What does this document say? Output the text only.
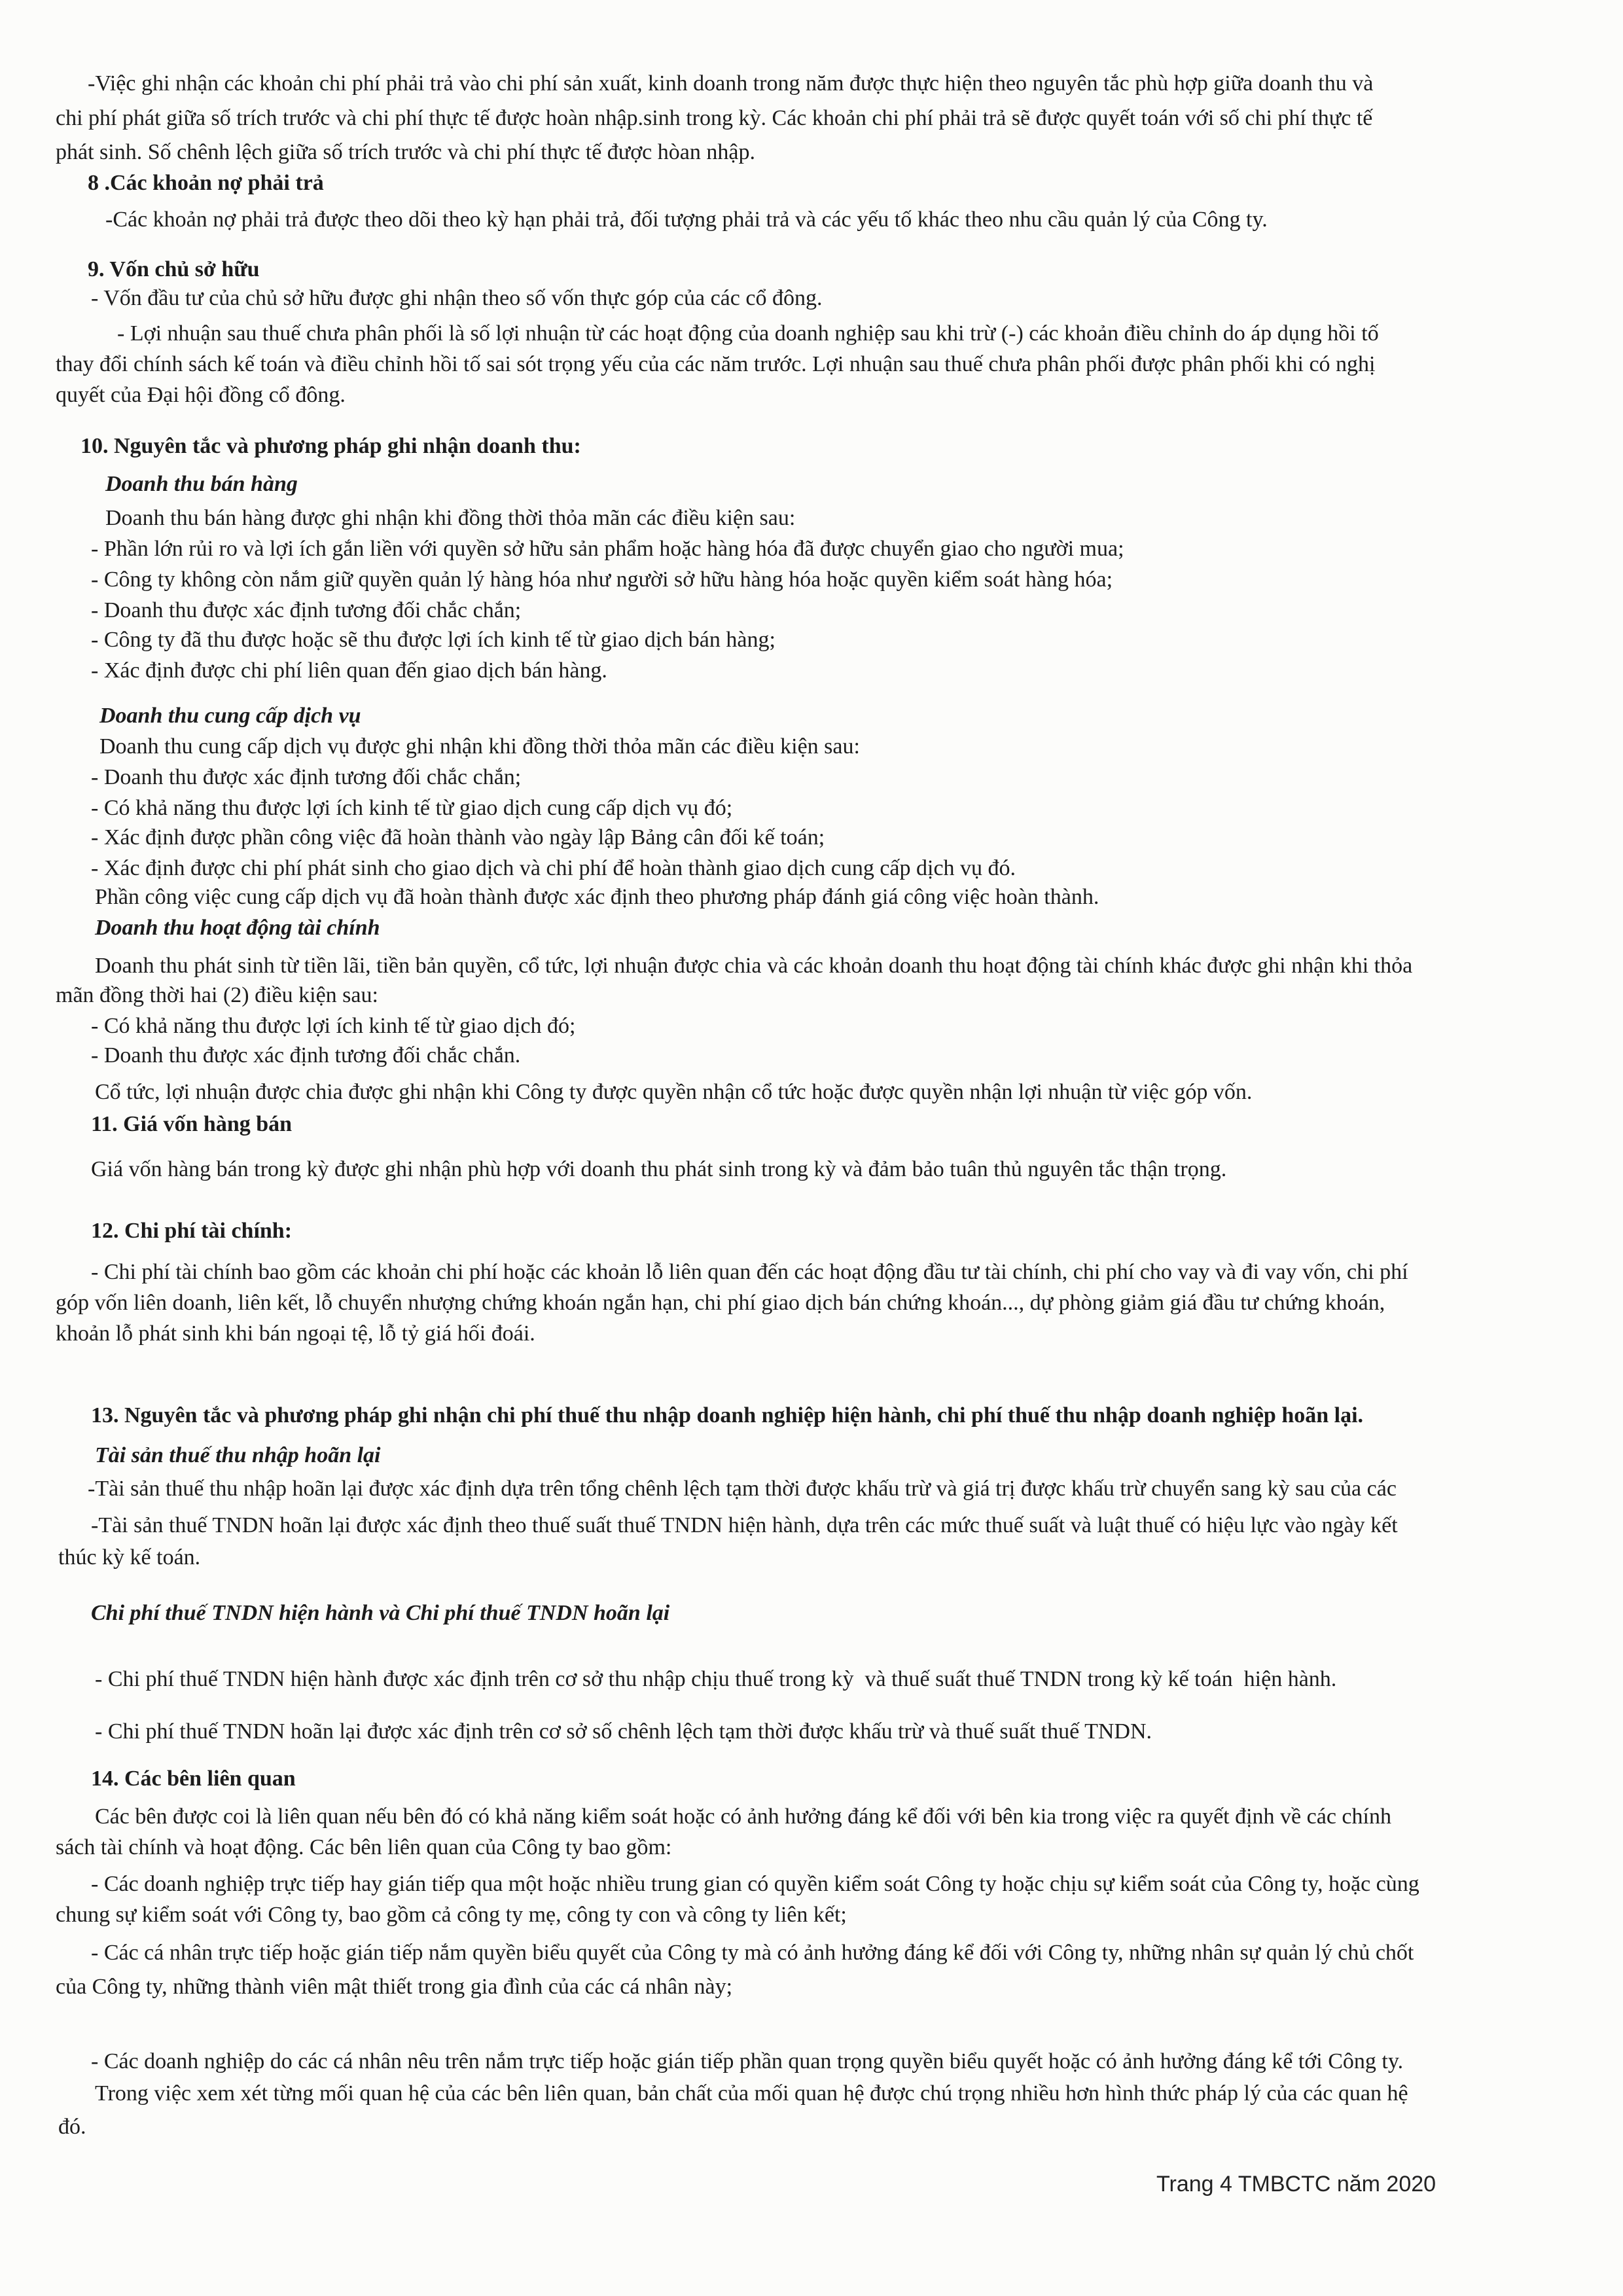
-Việc ghi nhận các khoản chi phí phải trả vào chi phí sản xuất, kinh doanh trong năm được thực hiện theo nguyên tắc phù hợp giữa doanh thu và
chi phí phát giữa số trích trước và chi phí thực tế được hoàn nhập.sinh trong kỳ. Các khoản chi phí phải trả sẽ được quyết toán với số chi phí thực tế
phát sinh. Số chênh lệch giữa số trích trước và chi phí thực tế được hòan nhập.
8 .Các khoản nợ phải trả
-Các khoản nợ phải trả được theo dõi theo kỳ hạn phải trả, đối tượng phải trả và các yếu tố khác theo nhu cầu quản lý của Công ty.
9. Vốn chủ sở hữu
- Vốn đầu tư của chủ sở hữu được ghi nhận theo số vốn thực góp của các cổ đông.
- Lợi nhuận sau thuế chưa phân phối là số lợi nhuận từ các hoạt động của doanh nghiệp sau khi trừ (-) các khoản điều chỉnh do áp dụng hồi tố
thay đổi chính sách kế toán và điều chỉnh hồi tố sai sót trọng yếu của các năm trước. Lợi nhuận sau thuế chưa phân phối được phân phối khi có nghị
quyết của Đại hội đồng cổ đông.
10. Nguyên tắc và phương pháp ghi nhận doanh thu:
Doanh thu bán hàng
Doanh thu bán hàng được ghi nhận khi đồng thời thỏa mãn các điều kiện sau:
- Phần lớn rủi ro và lợi ích gắn liền với quyền sở hữu sản phẩm hoặc hàng hóa đã được chuyển giao cho người mua;
- Công ty không còn nắm giữ quyền quản lý hàng hóa như người sở hữu hàng hóa hoặc quyền kiểm soát hàng hóa;
- Doanh thu được xác định tương đối chắc chắn;
- Công ty đã thu được hoặc sẽ thu được lợi ích kinh tế từ giao dịch bán hàng;
- Xác định được chi phí liên quan đến giao dịch bán hàng.
Doanh thu cung cấp dịch vụ
Doanh thu cung cấp dịch vụ được ghi nhận khi đồng thời thỏa mãn các điều kiện sau:
- Doanh thu được xác định tương đối chắc chắn;
- Có khả năng thu được lợi ích kinh tế từ giao dịch cung cấp dịch vụ đó;
- Xác định được phần công việc đã hoàn thành vào ngày lập Bảng cân đối kế toán;
- Xác định được chi phí phát sinh cho giao dịch và chi phí để hoàn thành giao dịch cung cấp dịch vụ đó.
Phần công việc cung cấp dịch vụ đã hoàn thành được xác định theo phương pháp đánh giá công việc hoàn thành.
Doanh thu hoạt động tài chính
Doanh thu phát sinh từ tiền lãi, tiền bản quyền, cổ tức, lợi nhuận được chia và các khoản doanh thu hoạt động tài chính khác được ghi nhận khi thỏa
mãn đồng thời hai (2) điều kiện sau:
- Có khả năng thu được lợi ích kinh tế từ giao dịch đó;
- Doanh thu được xác định tương đối chắc chắn.
Cổ tức, lợi nhuận được chia được ghi nhận khi Công ty được quyền nhận cổ tức hoặc được quyền nhận lợi nhuận từ việc góp vốn.
11. Giá vốn hàng bán
Giá vốn hàng bán trong kỳ được ghi nhận phù hợp với doanh thu phát sinh trong kỳ và đảm bảo tuân thủ nguyên tắc thận trọng.
12. Chi phí tài chính:
- Chi phí tài chính bao gồm các khoản chi phí hoặc các khoản lỗ liên quan đến các hoạt động đầu tư tài chính, chi phí cho vay và đi vay vốn, chi phí
góp vốn liên doanh, liên kết, lỗ chuyển nhượng chứng khoán ngắn hạn, chi phí giao dịch bán chứng khoán..., dự phòng giảm giá đầu tư chứng khoán,
khoản lỗ phát sinh khi bán ngoại tệ, lỗ tỷ giá hối đoái.
13. Nguyên tắc và phương pháp ghi nhận chi phí thuế thu nhập doanh nghiệp hiện hành, chi phí thuế thu nhập doanh nghiệp hoãn lại.
Tài sản thuế thu nhập hoãn lại
-Tài sản thuế thu nhập hoãn lại được xác định dựa trên tổng chênh lệch tạm thời được khấu trừ và giá trị được khấu trừ chuyển sang kỳ sau của các
-Tài sản thuế TNDN hoãn lại được xác định theo thuế suất thuế TNDN hiện hành, dựa trên các mức thuế suất và luật thuế có hiệu lực vào ngày kết
thúc kỳ kế toán.
Chi phí thuế TNDN hiện hành và Chi phí thuế TNDN hoãn lại
- Chi phí thuế TNDN hiện hành được xác định trên cơ sở thu nhập chịu thuế trong kỳ  và thuế suất thuế TNDN trong kỳ kế toán  hiện hành.
- Chi phí thuế TNDN hoãn lại được xác định trên cơ sở số chênh lệch tạm thời được khấu trừ và thuế suất thuế TNDN.
14. Các bên liên quan
Các bên được coi là liên quan nếu bên đó có khả năng kiểm soát hoặc có ảnh hưởng đáng kể đối với bên kia trong việc ra quyết định về các chính
sách tài chính và hoạt động. Các bên liên quan của Công ty bao gồm:
- Các doanh nghiệp trực tiếp hay gián tiếp qua một hoặc nhiều trung gian có quyền kiểm soát Công ty hoặc chịu sự kiểm soát của Công ty, hoặc cùng
chung sự kiểm soát với Công ty, bao gồm cả công ty mẹ, công ty con và công ty liên kết;
- Các cá nhân trực tiếp hoặc gián tiếp nắm quyền biểu quyết của Công ty mà có ảnh hưởng đáng kể đối với Công ty, những nhân sự quản lý chủ chốt
của Công ty, những thành viên mật thiết trong gia đình của các cá nhân này;
- Các doanh nghiệp do các cá nhân nêu trên nắm trực tiếp hoặc gián tiếp phần quan trọng quyền biểu quyết hoặc có ảnh hưởng đáng kể tới Công ty.
Trong việc xem xét từng mối quan hệ của các bên liên quan, bản chất của mối quan hệ được chú trọng nhiều hơn hình thức pháp lý của các quan hệ
đó.
Trang 4 TMBCTC năm 2020
